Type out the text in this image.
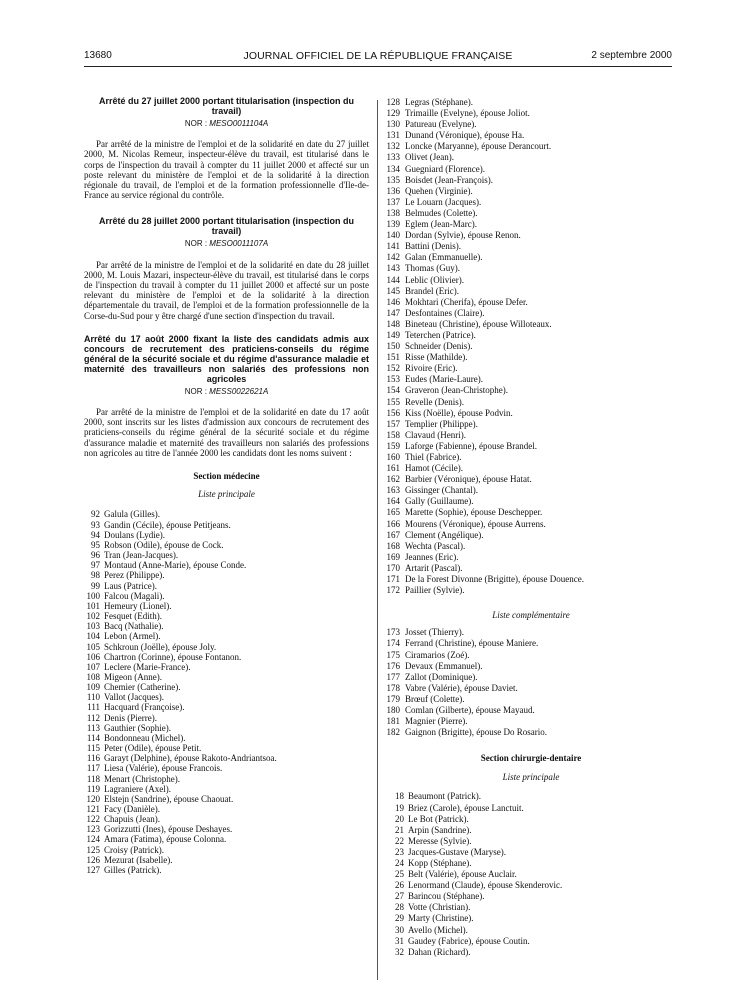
13680	JOURNAL OFFICIEL DE LA RÉPUBLIQUE FRANÇAISE	2 septembre 2000
Arrêté du 27 juillet 2000 portant titularisation (inspection du travail)
NOR : MESO0011104A

Par arrêté de la ministre de l'emploi et de la solidarité en date du 27 juillet 2000, M. Nicolas Remeur, inspecteur-élève du travail, est titularisé dans le corps de l'inspection du travail à compter du 11 juillet 2000 et affecté sur un poste relevant du ministère de l'emploi et de la solidarité à la direction régionale du travail, de l'emploi et de la formation professionnelle d'Ile-de-France au service régional du contrôle.

Arrêté du 28 juillet 2000 portant titularisation (inspection du travail)
NOR : MESO0011107A

Par arrêté de la ministre de l'emploi et de la solidarité en date du 28 juillet 2000, M. Louis Mazari, inspecteur-élève du travail, est titularisé dans le corps de l'inspection du travail à compter du 11 juillet 2000 et affecté sur un poste relevant du ministère de l'emploi et de la solidarité à la direction départementale du travail, de l'emploi et de la formation professionnelle de la Corse-du-Sud pour y être chargé d'une section d'inspection du travail.

Arrêté du 17 août 2000 fixant la liste des candidats admis aux concours de recrutement des praticiens-conseils du régime général de la sécurité sociale et du régime d'assurance maladie et maternité des travailleurs non salariés des professions non agricoles
NOR : MESS0022621A

Par arrêté de la ministre de l'emploi et de la solidarité en date du 17 août 2000, sont inscrits sur les listes d'admission aux concours de recrutement des praticiens-conseils du régime général de la sécurité sociale et du régime d'assurance maladie et maternité des travailleurs non salariés des professions non agricoles au titre de l'année 2000 les candidats dont les noms suivent :

Section médecine
Liste principale
92 Galula (Gilles).
93 Gandin (Cécile), épouse Petitjeans.
94 Doulans (Lydie).
95 Robson (Odile), épouse de Cock.
96 Tran (Jean-Jacques).
97 Montaud (Anne-Marie), épouse Conde.
98 Perez (Philippe).
99 Laus (Patrice).
100 Falcou (Magali).
101 Hemeury (Lionel).
102 Fesquet (Edith).
103 Bacq (Nathalie).
104 Lebon (Armel).
105 Schkroun (Joëlle), épouse Joly.
106 Chartron (Corinne), épouse Fontanon.
107 Leclere (Marie-France).
108 Migeon (Anne).
109 Chemier (Catherine).
110 Vallot (Jacques).
111 Hacquard (Françoise).
112 Denis (Pierre).
113 Gauthier (Sophie).
114 Bondonneau (Michel).
115 Peter (Odile), épouse Petit.
116 Garayt (Delphine), épouse Rakoto-Andriantsoa.
117 Liesa (Valérie), épouse Francois.
118 Menart (Christophe).
119 Lagraniere (Axel).
120 Elstejn (Sandrine), épouse Chaouat.
121 Facy (Danièle).
122 Chapuis (Jean).
123 Gorizzutti (Ines), épouse Deshayes.
124 Amara (Fatima), épouse Colonna.
125 Croisy (Patrick).
126 Mezurat (Isabelle).
127 Gilles (Patrick).
128 Legras (Stéphane).
129 Trimaille (Evelyne), épouse Joliot.
130 Patureau (Evelyne).
131 Dunand (Véronique), épouse Ha.
132 Loncke (Maryanne), épouse Derancourt.
133 Olivet (Jean).
134 Guegniard (Florence).
135 Boisdet (Jean-François).
136 Quehen (Virginie).
137 Le Louarn (Jacques).
138 Belmudes (Colette).
139 Eglem (Jean-Marc).
140 Dordan (Sylvie), épouse Renon.
141 Battini (Denis).
142 Galan (Emmanuelle).
143 Thomas (Guy).
144 Leblic (Olivier).
145 Brandel (Eric).
146 Mokhtari (Cherifa), épouse Defer.
147 Desfontaines (Claire).
148 Bineteau (Christine), épouse Willoteaux.
149 Teterchen (Patrice).
150 Schneider (Denis).
151 Risse (Mathilde).
152 Rivoire (Eric).
153 Eudes (Marie-Laure).
154 Graveron (Jean-Christophe).
155 Revelle (Denis).
156 Kiss (Noëlle), épouse Podvin.
157 Templier (Philippe).
158 Clavaud (Henri).
159 Laforge (Fabienne), épouse Brandel.
160 Thiel (Fabrice).
161 Hamot (Cécile).
162 Barbier (Véronique), épouse Hatat.
163 Gissinger (Chantal).
164 Gally (Guillaume).
165 Marette (Sophie), épouse Deschepper.
166 Mourens (Véronique), épouse Aurrens.
167 Clement (Angélique).
168 Wechta (Pascal).
169 Jeannes (Eric).
170 Artarit (Pascal).
171 De la Forest Divonne (Brigitte), épouse Douence.
172 Paillier (Sylvie).
Liste complémentaire
173 Josset (Thierry).
174 Ferrand (Christine), épouse Maniere.
175 Ciramarios (Zoé).
176 Devaux (Emmanuel).
177 Zallot (Dominique).
178 Vabre (Valérie), épouse Daviet.
179 Brœuf (Colette).
180 Comlan (Gilberte), épouse Mayaud.
181 Magnier (Pierre).
182 Gaignon (Brigitte), épouse Do Rosario.
Section chirurgie-dentaire
Liste principale
18 Beaumont (Patrick).
19 Briez (Carole), épouse Lanctuit.
20 Le Bot (Patrick).
21 Arpin (Sandrine).
22 Meresse (Sylvie).
23 Jacques-Gustave (Maryse).
24 Kopp (Stéphane).
25 Belt (Valérie), épouse Auclair.
26 Lenormand (Claude), épouse Skenderovic.
27 Barincou (Stéphane).
28 Votte (Christian).
29 Marty (Christine).
30 Avello (Michel).
31 Gaudey (Fabrice), épouse Coutin.
32 Dahan (Richard).
